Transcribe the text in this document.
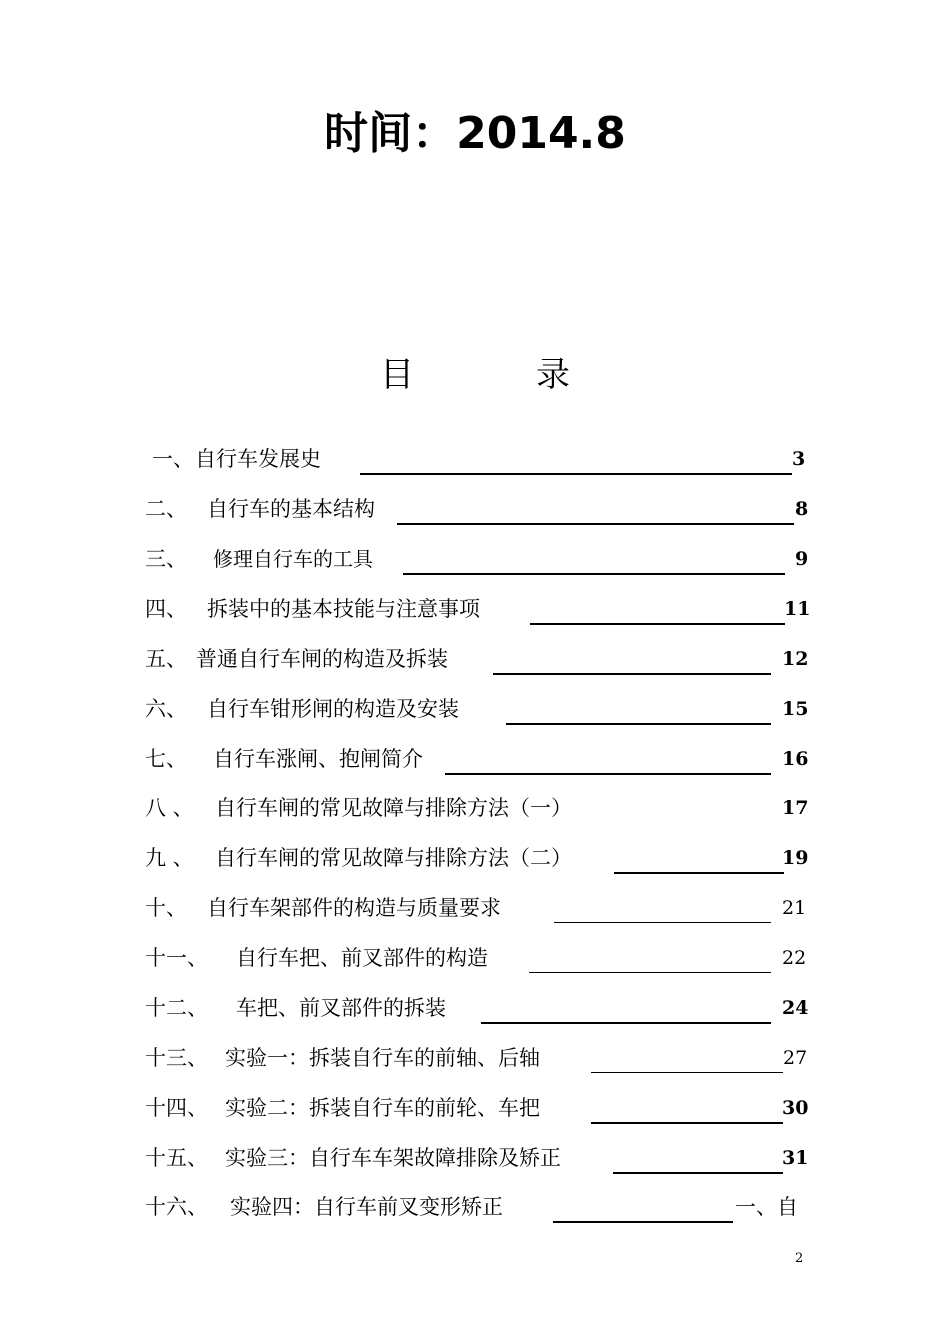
时间：2014.8
目	录
一、 自行车发展史	3
二、 自行车的基本结构	8
三、 修理自行车的工具	9
四、 拆装中的基本技能与注意事项	11
五、 普通自行车闸的构造及拆装	12
六、 自行车钳形闸的构造及安装	15
七、 自行车涨闸、抱闸简介	16
八 、 自行车闸的常见故障与排除方法（一）	17
九 、 自行车闸的常见故障与排除方法（二）	19
十、 自行车架部件的构造与质量要求	21
十一、 自行车把、前叉部件的构造	22
十二、 车把、前叉部件的拆装	24
十三、 实验一：拆装自行车的前轴、后轴	27
十四、 实验二：拆装自行车的前轮、车把	30
十五、 实验三：自行车车架故障排除及矫正	31
十六、 实验四：自行车前叉变形矫正	一、自
2
